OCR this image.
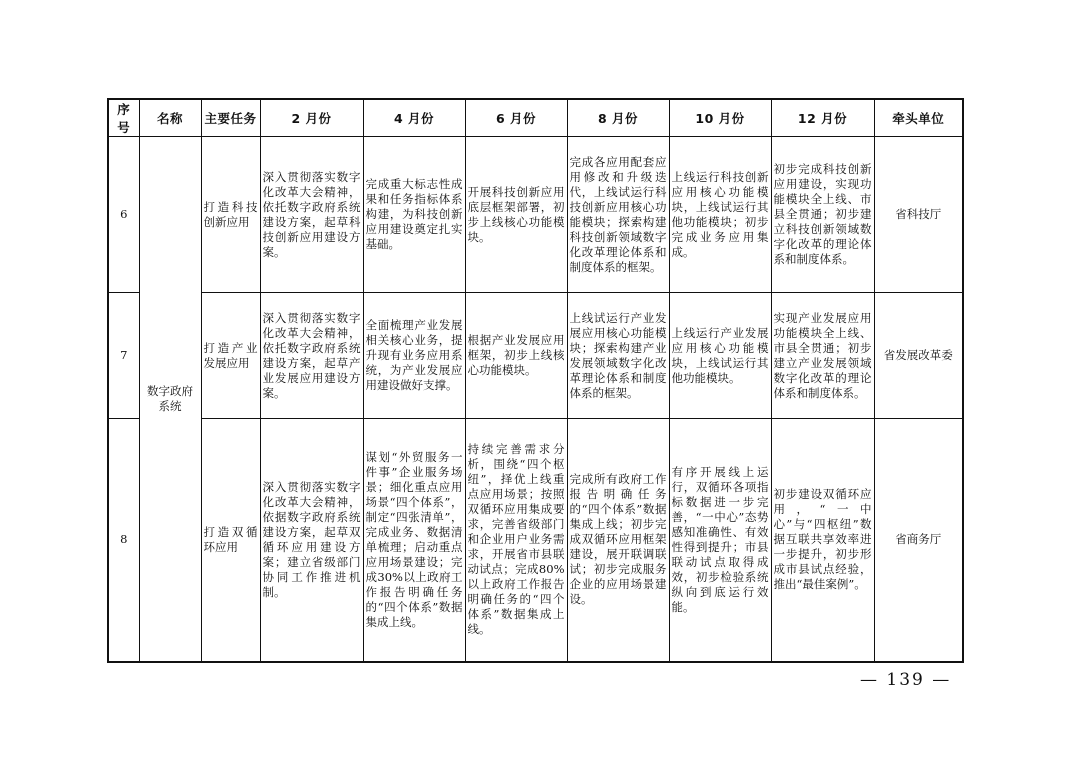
序号	名称	主要任务	2 月份	4 月份	6 月份	8 月份	10 月份	12 月份	牵头单位
6	数字政府系统	打造科技创新应用	深入贯彻落实数字化改革大会精神，依托数字政府系统建设方案，起草科技创新应用建设方案。	完成重大标志性成果和任务指标体系构建，为科技创新应用建设奠定扎实基础。	开展科技创新应用底层框架部署，初步上线核心功能模块。	完成各应用配套应用修改和升级迭代，上线试运行科技创新应用核心功能模块；探索构建科技创新领域数字化改革理论体系和制度体系的框架。	上线运行科技创新应用核心功能模块，上线试运行其他功能模块；初步完成业务应用集成。	初步完成科技创新应用建设，实现功能模块全上线、市县全贯通；初步建立科技创新领域数字化改革的理论体系和制度体系。	省科技厅
7		打造产业发展应用	深入贯彻落实数字化改革大会精神，依托数字政府系统建设方案，起草产业发展应用建设方案。	全面梳理产业发展相关核心业务，提升现有业务应用系统，为产业发展应用建设做好支撑。	根据产业发展应用框架，初步上线核心功能模块。	上线试运行产业发展应用核心功能模块；探索构建产业发展领域数字化改革理论体系和制度体系的框架。	上线运行产业发展应用核心功能模块，上线试运行其他功能模块。	实现产业发展应用功能模块全上线、市县全贯通；初步建立产业发展领域数字化改革的理论体系和制度体系。	省发展改革委
8		打造双循环应用	深入贯彻落实数字化改革大会精神，依据数字政府系统建设方案，起草双循环应用建设方案；建立省级部门协同工作推进机制。	谋划“外贸服务一件事”企业服务场景；细化重点应用场景“四个体系”，制定“四张清单”，完成业务、数据清单梳理；启动重点应用场景建设；完成30%以上政府工作报告明确任务的“四个体系”数据集成上线。	持续完善需求分析，围绕“四个枢纽”，择优上线重点应用场景；按照双循环应用集成要求，完善省级部门和企业用户业务需求，开展省市县联动试点；完成80%以上政府工作报告明确任务的“四个体系”数据集成上线。	完成所有政府工作报告明确任务的“四个体系”数据集成上线；初步完成双循环应用框架建设，展开联调联试；初步完成服务企业的应用场景建设。	有序开展线上运行，双循环各项指标数据进一步完善，“一中心”态势感知准确性、有效性得到提升；市县联动试点取得成效，初步检验系统纵向到底运行效能。	初步建设双循环应用，“一中心”与“四枢纽”数据互联共享效率进一步提升，初步形成市县试点经验，推出“最佳案例”。	省商务厅
— 139 —
